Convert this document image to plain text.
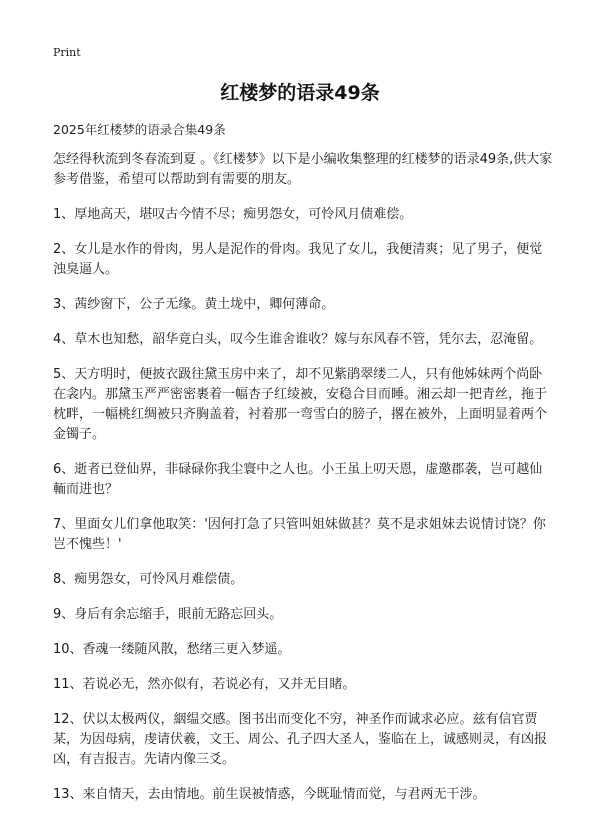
Print
红楼梦的语录49条
2025年红楼梦的语录合集49条

怎经得秋流到冬春流到夏 。《红楼梦》以下是小编收集整理的红楼梦的语录49条,供大家参考借鉴，希望可以帮助到有需要的朋友。

1、厚地高天，堪叹古今情不尽；痴男怨女，可怜风月债难偿。

2、女儿是水作的骨肉，男人是泥作的骨肉。我见了女儿，我便清爽；见了男子，便觉浊臭逼人。

3、茜纱窗下，公子无缘。黄土垅中，卿何薄命。

4、草木也知愁，韶华竟白头，叹今生谁舍谁收？嫁与东风春不管，凭尔去，忍淹留。

5、天方明时，便披衣趿往黛玉房中来了，却不见紫鹃翠缕二人，只有他姊妹两个尚卧在衾内。那黛玉严严密密裹着一幅杏子红绫被，安稳合目而睡。湘云却一把青丝，拖于枕畔，一幅桃红绸被只齐胸盖着，衬着那一弯雪白的膀子，撂在被外，上面明显着两个金镯子。

6、逝者已登仙界，非碌碌你我尘寰中之人也。小王虽上叨天恩，虚邀郡袭，岂可越仙輀而进也？

7、里面女儿们拿他取笑：'因何打急了只管叫姐妹做甚？莫不是求姐妹去说情讨饶？你岂不愧些！'

8、痴男怨女，可怜风月难偿债。

9、身后有余忘缩手，眼前无路忘回头。

10、香魂一缕随风散，愁绪三更入梦遥。

11、若说必无，然亦似有，若说必有，又并无目睹。

12、伏以太极两仪，絪缊交感。图书出而变化不穷，神圣作而诚求必应。兹有信官贾某，为因母病，虔请伏羲，文王、周公、孔子四大圣人，鉴临在上，诚感则灵，有凶报凶，有吉报吉。先请内像三爻。

13、来自情天，去由情地。前生误被情惑，今既耻情而觉，与君两无干涉。
